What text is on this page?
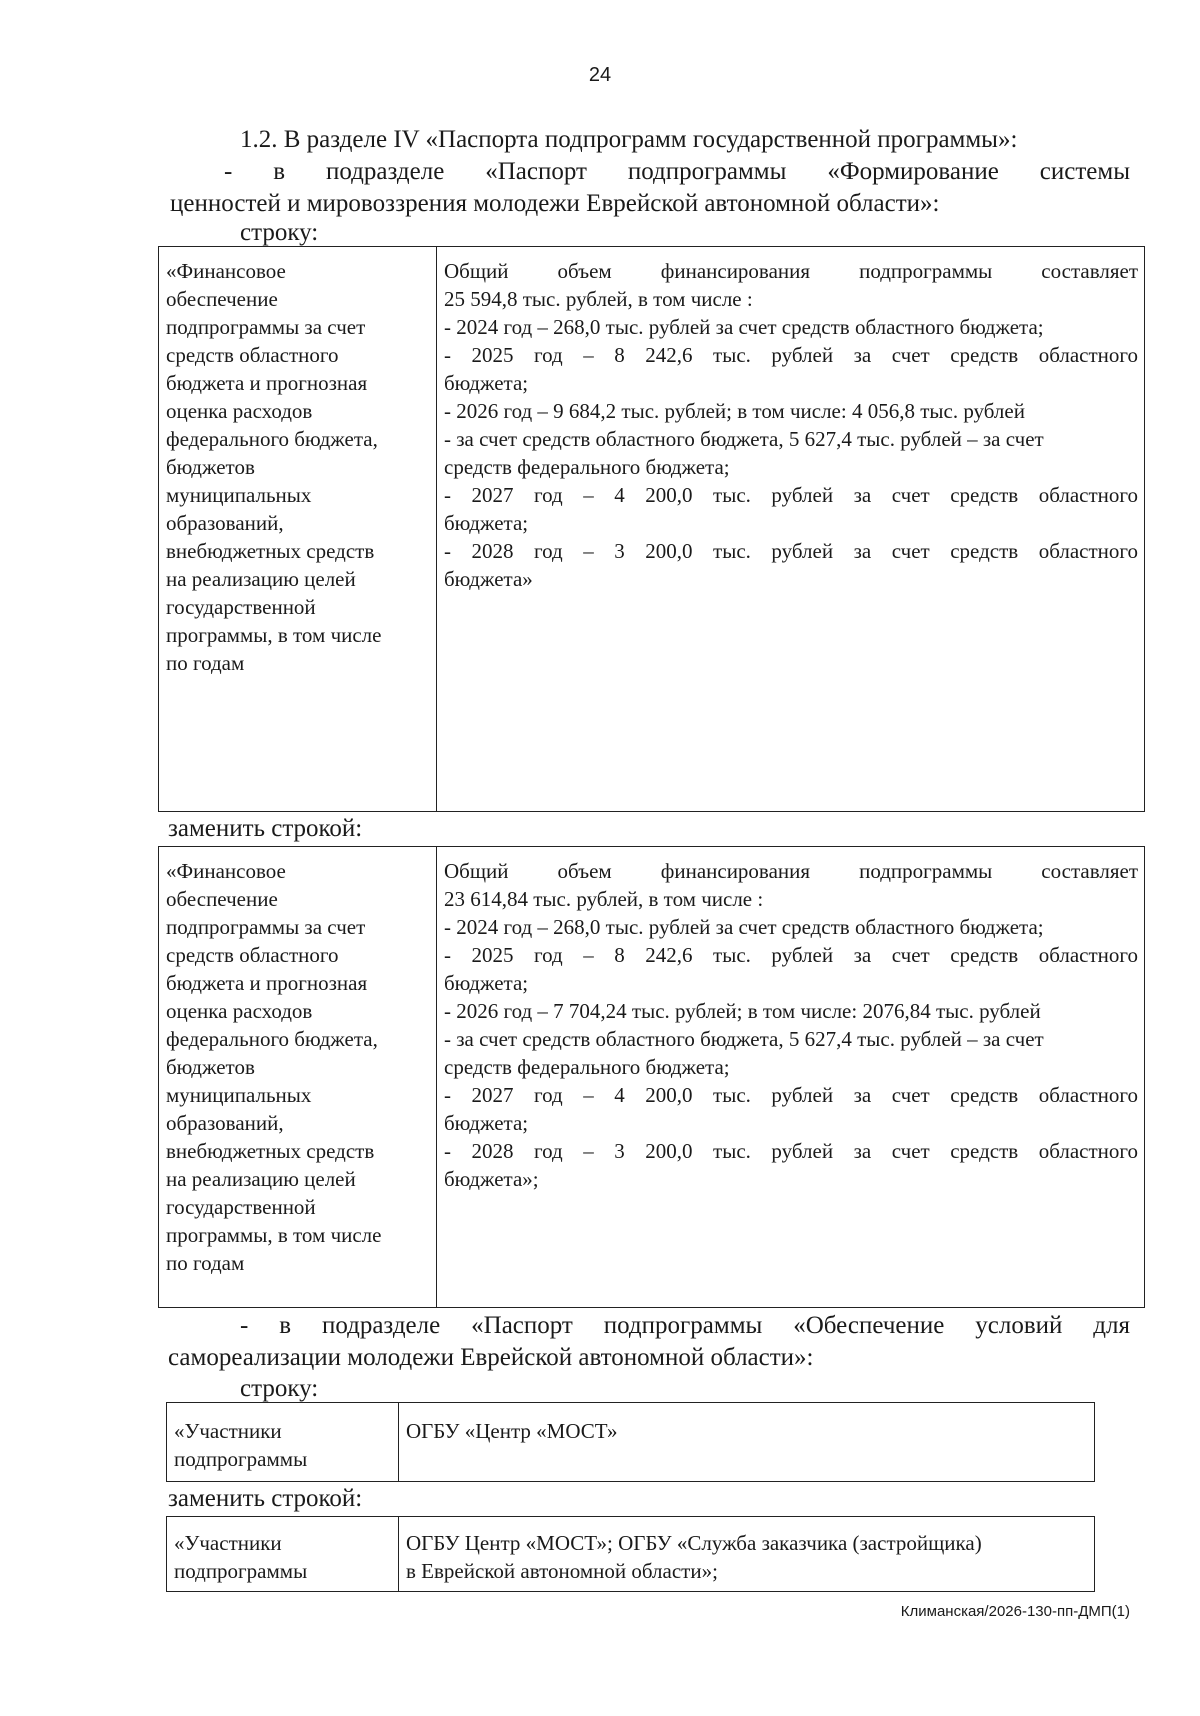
24
1.2. В разделе IV «Паспорта подпрограмм государственной программы»:
- в подразделе «Паспорт подпрограммы «Формирование системы
ценностей и мировоззрения молодежи Еврейской автономной области»:
строку:
«Финансовое
обеспечение
подпрограммы за счет
средств областного
бюджета и прогнозная
оценка расходов
федерального бюджета,
бюджетов
муниципальных
образований,
внебюджетных средств
на реализацию целей
государственной
программы, в том числе
по годам

Общий объем финансирования подпрограммы составляет
25 594,8 тыс. рублей, в том числе :
- 2024 год – 268,0 тыс. рублей за счет средств областного бюджета;
- 2025 год – 8 242,6 тыс. рублей за счет средств областного
бюджета;
- 2026 год – 9 684,2 тыс. рублей; в том числе: 4 056,8 тыс. рублей
- за счет средств областного бюджета, 5 627,4 тыс. рублей – за счет
средств федерального бюджета;
- 2027 год – 4 200,0 тыс. рублей за счет средств областного
бюджета;
- 2028 год – 3 200,0 тыс. рублей за счет средств областного
бюджета»
заменить строкой:
«Финансовое
обеспечение
подпрограммы за счет
средств областного
бюджета и прогнозная
оценка расходов
федерального бюджета,
бюджетов
муниципальных
образований,
внебюджетных средств
на реализацию целей
государственной
программы, в том числе
по годам

Общий объем финансирования подпрограммы составляет
23 614,84 тыс. рублей, в том числе :
- 2024 год – 268,0 тыс. рублей за счет средств областного бюджета;
- 2025 год – 8 242,6 тыс. рублей за счет средств областного
бюджета;
- 2026 год – 7 704,24 тыс. рублей; в том числе: 2076,84 тыс. рублей
- за счет средств областного бюджета, 5 627,4 тыс. рублей – за счет
средств федерального бюджета;
- 2027 год – 4 200,0 тыс. рублей за счет средств областного
бюджета;
- 2028 год – 3 200,0 тыс. рублей за счет средств областного
бюджета»;
- в подразделе «Паспорт подпрограммы «Обеспечение условий для
самореализации молодежи Еврейской автономной области»:
строку:
«Участники
подпрограммы

ОГБУ «Центр «МОСТ»
заменить строкой:
«Участники
подпрограммы

ОГБУ Центр «МОСТ»; ОГБУ «Служба заказчика (застройщика)
в Еврейской автономной области»;
Климанская/2026-130-пп-ДМП(1)
